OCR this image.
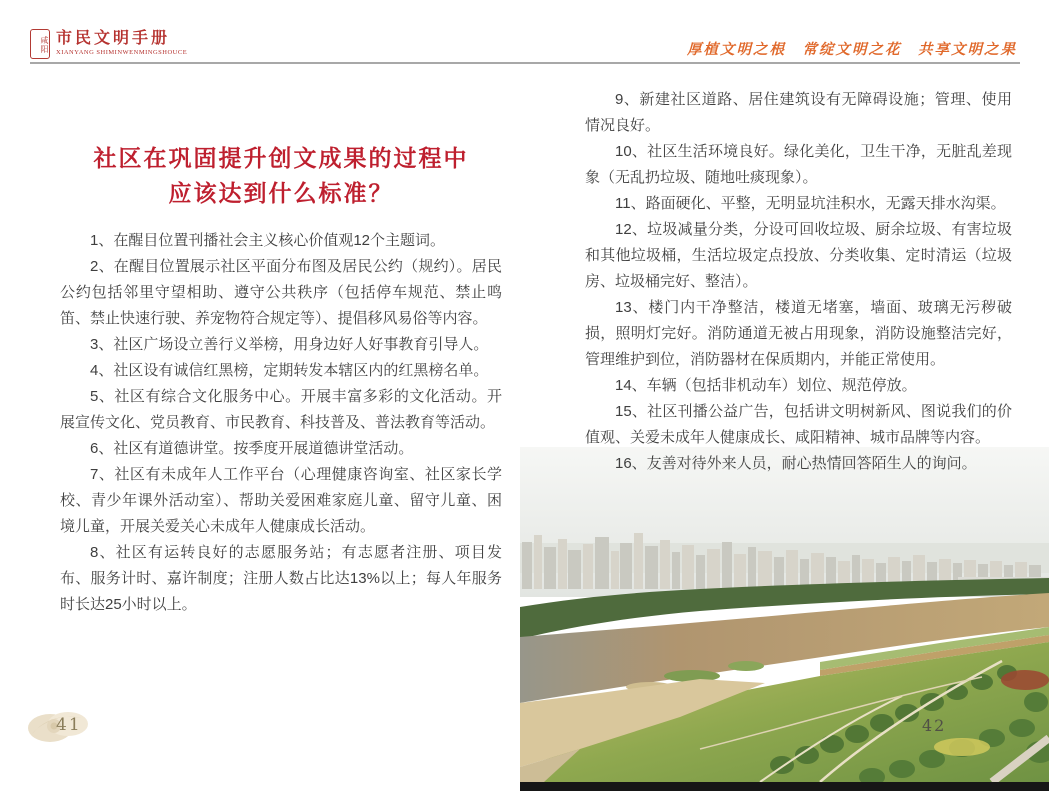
咸阳 市民文明手册
XIANYANG SHIMINWENMINGSHOUCE	厚植文明之根　常绽文明之花　共享文明之果
社区在巩固提升创文成果的过程中
应该达到什么标准？

1、在醒目位置刊播社会主义核心价值观12个主题词。

2、在醒目位置展示社区平面分布图及居民公约（规约）。居民公约包括邻里守望相助、遵守公共秩序（包括停车规范、禁止鸣笛、禁止快速行驶、养宠物符合规定等）、提倡移风易俗等内容。

3、社区广场设立善行义举榜，用身边好人好事教育引导人。

4、社区设有诚信红黑榜，定期转发本辖区内的红黑榜名单。

5、社区有综合文化服务中心。开展丰富多彩的文化活动。开展宣传文化、党员教育、市民教育、科技普及、普法教育等活动。

6、社区有道德讲堂。按季度开展道德讲堂活动。

7、社区有未成年人工作平台（心理健康咨询室、社区家长学校、青少年课外活动室）、帮助关爱困难家庭儿童、留守儿童、困境儿童，开展关爱关心未成年人健康成长活动。

8、社区有运转良好的志愿服务站；有志愿者注册、项目发布、服务计时、嘉许制度；注册人数占比达13%以上；每人年服务时长达25小时以上。

41

9、新建社区道路、居住建筑设有无障碍设施；管理、使用情况良好。

10、社区生活环境良好。绿化美化，卫生干净，无脏乱差现象（无乱扔垃圾、随地吐痰现象）。

11、路面硬化、平整，无明显坑洼积水，无露天排水沟渠。

12、垃圾减量分类，分设可回收垃圾、厨余垃圾、有害垃圾和其他垃圾桶，生活垃圾定点投放、分类收集、定时清运（垃圾房、垃圾桶完好、整洁）。

13、楼门内干净整洁，楼道无堵塞，墙面、玻璃无污秽破损，照明灯完好。消防通道无被占用现象，消防设施整洁完好，管理维护到位，消防器材在保质期内，并能正常使用。

14、车辆（包括非机动车）划位、规范停放。

15、社区刊播公益广告，包括讲文明树新风、图说我们的价值观、关爱未成年人健康成长、咸阳精神、城市品牌等内容。

16、友善对待外来人员，耐心热情回答陌生人的询问。

42
